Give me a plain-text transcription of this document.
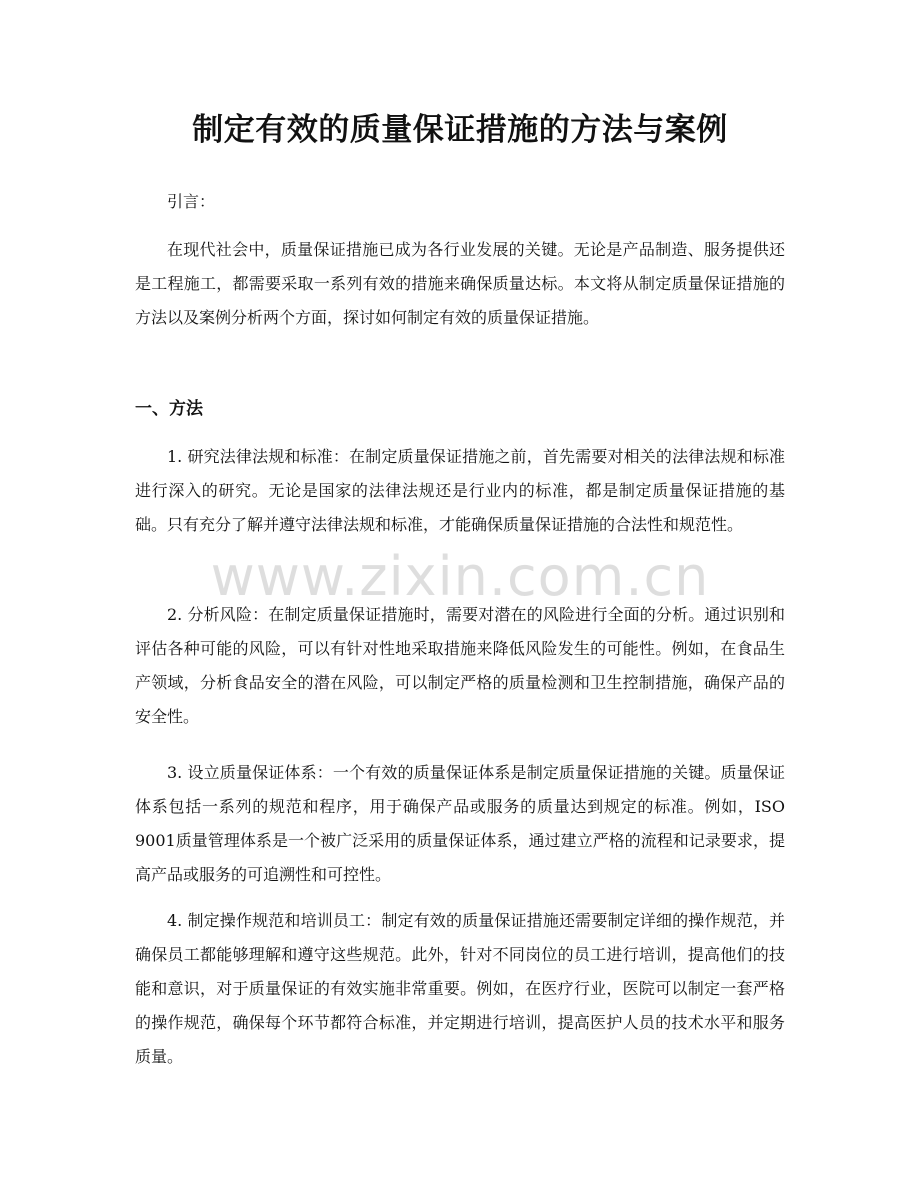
制定有效的质量保证措施的方法与案例

引言：

在现代社会中，质量保证措施已成为各行业发展的关键。无论是产品制造、服务提供还是工程施工，都需要采取一系列有效的措施来确保质量达标。本文将从制定质量保证措施的方法以及案例分析两个方面，探讨如何制定有效的质量保证措施。

一、方法

1. 研究法律法规和标准：在制定质量保证措施之前，首先需要对相关的法律法规和标准进行深入的研究。无论是国家的法律法规还是行业内的标准，都是制定质量保证措施的基础。只有充分了解并遵守法律法规和标准，才能确保质量保证措施的合法性和规范性。

2. 分析风险：在制定质量保证措施时，需要对潜在的风险进行全面的分析。通过识别和评估各种可能的风险，可以有针对性地采取措施来降低风险发生的可能性。例如，在食品生产领域，分析食品安全的潜在风险，可以制定严格的质量检测和卫生控制措施，确保产品的安全性。

3. 设立质量保证体系：一个有效的质量保证体系是制定质量保证措施的关键。质量保证体系包括一系列的规范和程序，用于确保产品或服务的质量达到规定的标准。例如，ISO 9001质量管理体系是一个被广泛采用的质量保证体系，通过建立严格的流程和记录要求，提高产品或服务的可追溯性和可控性。

4. 制定操作规范和培训员工：制定有效的质量保证措施还需要制定详细的操作规范，并确保员工都能够理解和遵守这些规范。此外，针对不同岗位的员工进行培训，提高他们的技能和意识，对于质量保证的有效实施非常重要。例如，在医疗行业，医院可以制定一套严格的操作规范，确保每个环节都符合标准，并定期进行培训，提高医护人员的技术水平和服务质量。

www.zixin.com.cn
